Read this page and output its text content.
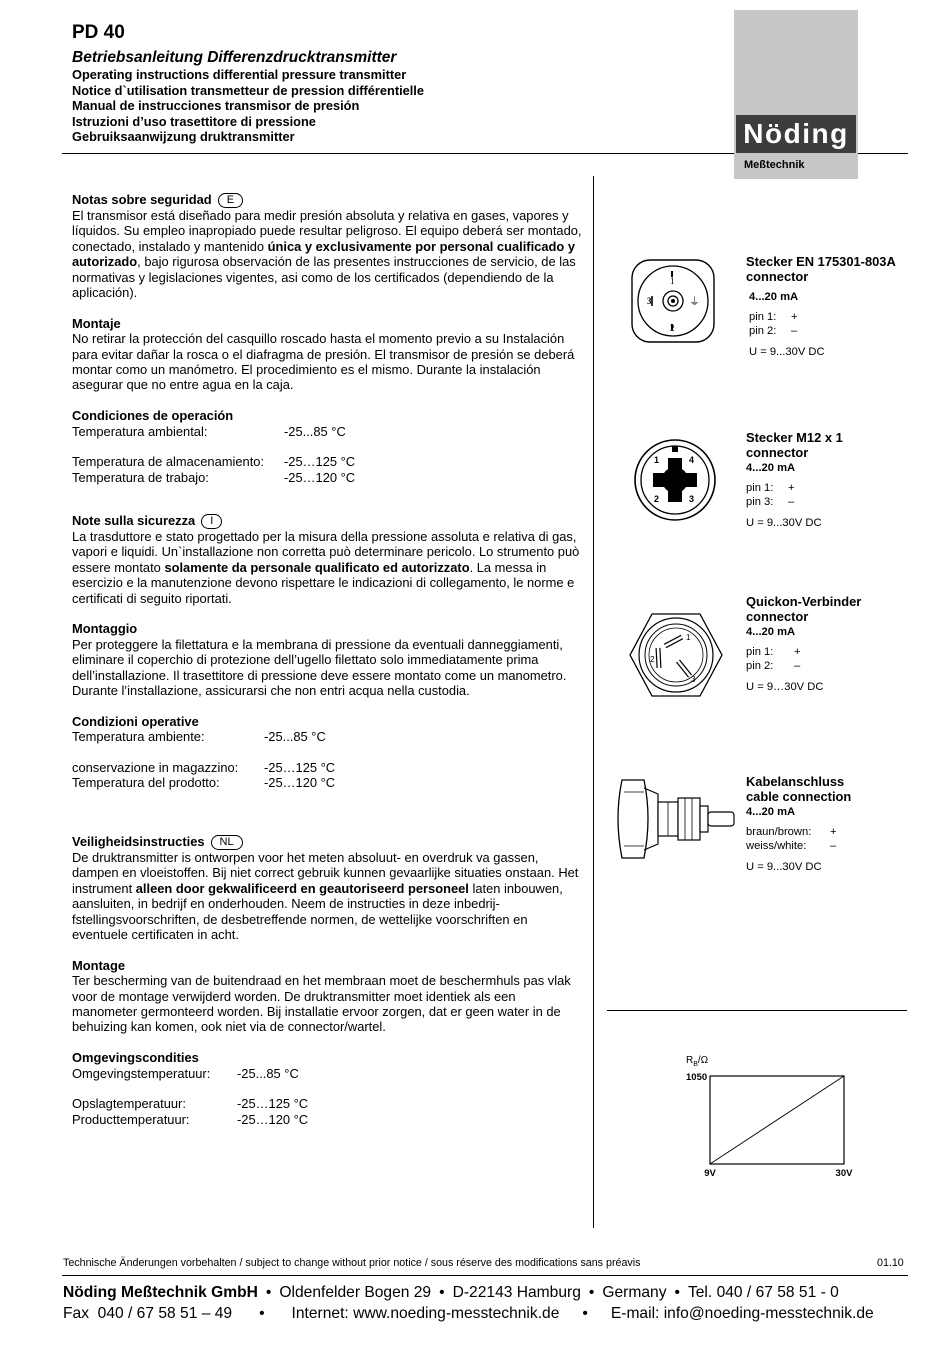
PD 40
Betriebsanleitung Differenzdrucktransmitter
Operating instructions differential pressure transmitter
Notice d`utilisation transmetteur de pression différentielle
Manual de instrucciones transmisor de presión
Istruzioni d’uso trasettitore di pressione
Gebruiksaanwijzung druktransmitter	Nöding
Meßtechnik
Notas sobre seguridad E
El transmisor está diseñado para medir presión absoluta y relativa en gases, vapores y líquidos. Su empleo inapropiado puede resultar peligroso. El equipo deberá ser montado, conectado, instalado y mantenido única y exclusivamente por personal cualificado y autorizado, bajo rigurosa observación de las presentes instrucciones de servicio, de las normativas y legislaciones vigentes, asi como de los certificados (dependiendo de la aplicación).
Montaje
No retirar la protección del casquillo roscado hasta el momento previo a su Instalación para evitar dañar la rosca o el diafragma de presión. El transmisor de presión se deberá montar como un manómetro. El procedimiento es el mismo. Durante la instalación asegurar que no entre agua en la caja.
Condiciones de operación
Temperatura ambiental:	-25...85 °C
Temperatura de almacenamiento:	-25…125 °C
Temperatura de trabajo:	-25…120 °C
Note sulla sicurezza I
La trasduttore e stato progettado per la misura della pressione assoluta e relativa di gas, vapori e liquidi. Un`installazione non corretta può determinare pericolo. Lo strumento può essere montato solamente da personale qualificato ed autorizzato. La messa in esercizio e la manutenzione devono rispettare le indicazioni di collegamento, le norme e certificati di seguito riportati.
Montaggio
Per proteggere la filettatura e la membrana di pressione da eventuali danneggiamenti, eliminare il coperchio di protezione dell’ugello filettato solo immediatamente prima dell’installazione. Il trasettitore di pressione deve essere montato come un manometro. Durante l’installazione, assicurarsi che non entri acqua nella custodia.
Condizioni operative
Temperatura ambiente:	-25...85 °C
conservazione in magazzino:	-25…125 °C
Temperatura del prodotto:	-25…120 °C
Veiligheidsinstructies NL
De druktransmitter is ontworpen voor het meten absoluut- en overdruk va gassen, dampen en vloeistoffen. Bij niet correct gebruik kunnen gevaarlijke situaties onstaan. Het instrument alleen door gekwalificeerd en geautoriseerd personeel laten inbouwen, aansluiten, in bedrijf en onderhouden. Neem de instructies in deze inbedrij-fstellingsvoorschriften, de desbetreffende normen, de wettelijke voorschriften en eventuele certificaten in acht.
Montage
Ter bescherming van de buitendraad en het membraan moet de beschermhuls pas vlak voor de montage verwijderd worden. De druktransmitter moet identiek als een manometer germonteerd worden. Bij installatie ervoor zorgen, dat er geen water in de behuizing kan komen, ook niet via de connector/wartel.
Omgevingscondities
Omgevingstemperatuur:	-25...85 °C
Opslagtemperatuur:	-25…125 °C
Producttemperatuur:	-25…120 °C
1
2
3	⏚
Stecker EN 175301-803A
connector
4...20 mA
pin 1:	+
pin 2:	–
U = 9...30V DC
1
2	3
4
Stecker M12 x 1
connector
4...20 mA
pin 1:	+
pin 3:	–
U = 9...30V DC
1
2
3
Quickon-Verbinder
connector
4...20 mA
pin 1:	+
pin 2:	–
U = 9…30V DC
Kabelanschluss
cable connection
4...20 mA
braun/brown:	+
weiss/white:	–
U = 9...30V DC
$R_B/\Omega$
1050
9V	30V
Technische Änderungen vorbehalten / subject to change without prior notice / sous réserve des modifications sans préavis	01.10
Nöding Meßtechnik GmbH • Oldenfelder Bogen 29 • D-22143 Hamburg • Germany • Tel. 040 / 67 58 51 - 0
Fax  040 / 67 58 51 – 49 • Internet: www.noeding-messtechnik.de • E-mail: info@noeding-messtechnik.de
